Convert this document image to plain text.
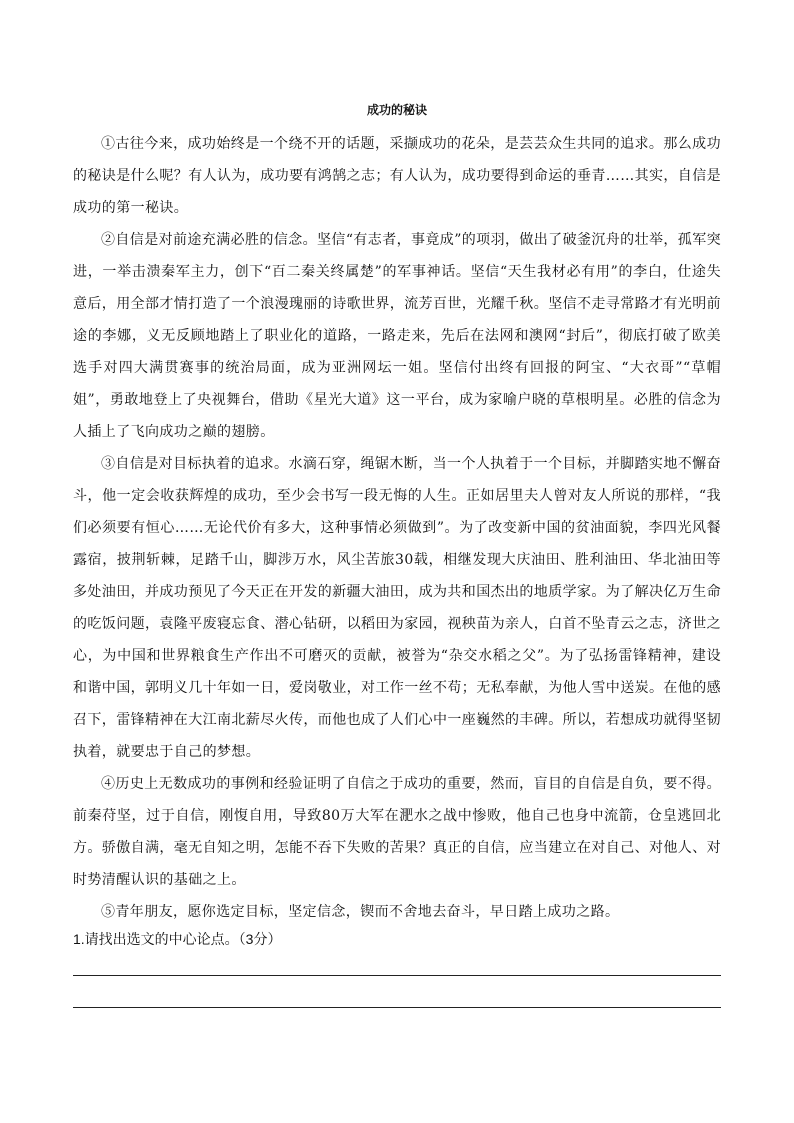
成功的秘诀

①古往今来，成功始终是一个绕不开的话题，采撷成功的花朵，是芸芸众生共同的追求。那么成功的秘诀是什么呢？有人认为，成功要有鸿鹄之志；有人认为，成功要得到命运的垂青……其实，自信是成功的第一秘诀。

②自信是对前途充满必胜的信念。坚信“有志者，事竟成”的项羽，做出了破釜沉舟的壮举，孤军突进，一举击溃秦军主力，创下“百二秦关终属楚”的军事神话。坚信“天生我材必有用”的李白，仕途失意后，用全部才情打造了一个浪漫瑰丽的诗歌世界，流芳百世，光耀千秋。坚信不走寻常路才有光明前途的李娜，义无反顾地踏上了职业化的道路，一路走来，先后在法网和澳网“封后”，彻底打破了欧美选手对四大满贯赛事的统治局面，成为亚洲网坛一姐。坚信付出终有回报的阿宝、“大衣哥”“草帽姐”，勇敢地登上了央视舞台，借助《星光大道》这一平台，成为家喻户晓的草根明星。必胜的信念为人插上了飞向成功之巅的翅膀。

③自信是对目标执着的追求。水滴石穿，绳锯木断，当一个人执着于一个目标，并脚踏实地不懈奋斗，他一定会收获辉煌的成功，至少会书写一段无悔的人生。正如居里夫人曾对友人所说的那样，“我们必须要有恒心……无论代价有多大，这种事情必须做到”。为了改变新中国的贫油面貌，李四光风餐露宿，披荆斩棘，足踏千山，脚涉万水，风尘苦旅30载，相继发现大庆油田、胜利油田、华北油田等多处油田，并成功预见了今天正在开发的新疆大油田，成为共和国杰出的地质学家。为了解决亿万生命的吃饭问题，袁隆平废寝忘食、潜心钻研，以稻田为家园，视秧苗为亲人，白首不坠青云之志，济世之心，为中国和世界粮食生产作出不可磨灭的贡献，被誉为“杂交水稻之父”。为了弘扬雷锋精神，建设和谐中国，郭明义几十年如一日，爱岗敬业，对工作一丝不苟；无私奉献，为他人雪中送炭。在他的感召下，雷锋精神在大江南北薪尽火传，而他也成了人们心中一座巍然的丰碑。所以，若想成功就得坚韧执着，就要忠于自己的梦想。

④历史上无数成功的事例和经验证明了自信之于成功的重要，然而，盲目的自信是自负，要不得。前秦苻坚，过于自信，刚愎自用，导致80万大军在淝水之战中惨败，他自己也身中流箭，仓皇逃回北方。骄傲自满，毫无自知之明，怎能不吞下失败的苦果？真正的自信，应当建立在对自己、对他人、对时势清醒认识的基础之上。

⑤青年朋友，愿你选定目标，坚定信念，锲而不舍地去奋斗，早日踏上成功之路。

1.请找出选文的中心论点。（3分）
